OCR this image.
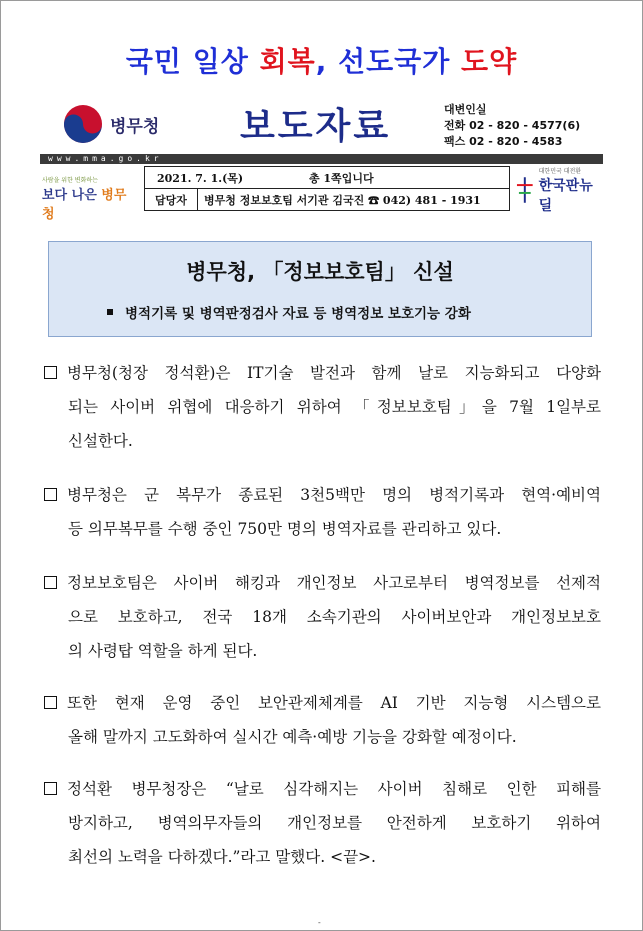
국민 일상 회복, 선도국가 도약
병무청 보도자료	대변인실
전화 02 - 820 - 4577(6)
팩스 02 - 820 - 4583
www.mma.go.kr
사람을 위한 변화하는
보다 나은 병무청
2021. 7. 1.(목)	총 1쪽입니다
담당자	병무청 정보보호팀 서기관 김국진 ☎ 042) 481 - 1931
대한민국 대전환
한국판뉴딜
병무청, 「정보보호팀」 신설
병적기록 및 병역판정검사 자료 등 병역정보 보호기능 강화
병무청(청장 정석환)은 IT기술 발전과 함께 날로 지능화되고 다양화
되는 사이버 위협에 대응하기 위하여 「정보보호팀」을 7월 1일부로
신설한다.
병무청은 군 복무가 종료된 3천5백만 명의 병적기록과 현역·예비역
등 의무복무를 수행 중인 750만 명의 병역자료를 관리하고 있다.
정보보호팀은 사이버 해킹과 개인정보 사고로부터 병역정보를 선제적
으로 보호하고, 전국 18개 소속기관의 사이버보안과 개인정보보호
의 사령탑 역할을 하게 된다.
또한 현재 운영 중인 보안관제체계를 AI 기반 지능형 시스템으로
올해 말까지 고도화하여 실시간 예측·예방 기능을 강화할 예정이다.
정석환 병무청장은 “날로 심각해지는 사이버 침해로 인한 피해를
방지하고, 병역의무자들의 개인정보를 안전하게 보호하기 위하여
최선의 노력을 다하겠다.”라고 말했다. <끝>.
-
